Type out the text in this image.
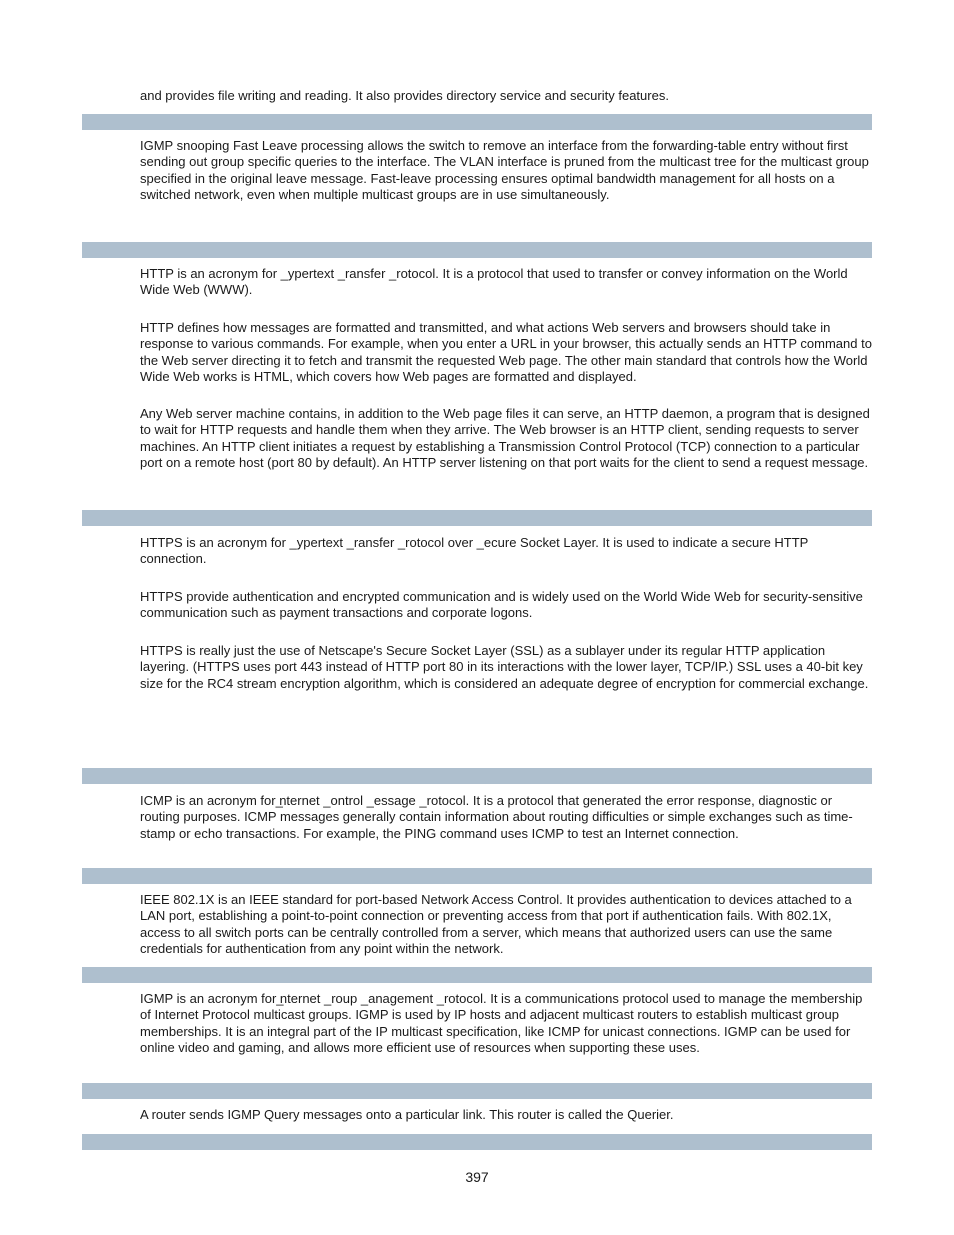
and provides file writing and reading. It also provides directory service and security features.

IGMP snooping Fast Leave processing allows the switch to remove an interface from the forwarding-table entry without first sending out group specific queries to the interface. The VLAN interface is pruned from the multicast tree for the multicast group specified in the original leave message. Fast-leave processing ensures optimal bandwidth management for all hosts on a switched network, even when multiple multicast groups are in use simultaneously.

HTTP is an acronym for _ypertext _ransfer _rotocol. It is a protocol that used to transfer or convey information on the World Wide Web (WWW).

HTTP defines how messages are formatted and transmitted, and what actions Web servers and browsers should take in response to various commands. For example, when you enter a URL in your browser, this actually sends an HTTP command to the Web server directing it to fetch and transmit the requested Web page. The other main standard that controls how the World Wide Web works is HTML, which covers how Web pages are formatted and displayed.

Any Web server machine contains, in addition to the Web page files it can serve, an HTTP daemon, a program that is designed to wait for HTTP requests and handle them when they arrive. The Web browser is an HTTP client, sending requests to server machines. An HTTP client initiates a request by establishing a Transmission Control Protocol (TCP) connection to a particular port on a remote host (port 80 by default). An HTTP server listening on that port waits for the client to send a request message.

HTTPS is an acronym for _ypertext _ransfer _rotocol over _ecure Socket Layer. It is used to indicate a secure HTTP connection.

HTTPS provide authentication and encrypted communication and is widely used on the World Wide Web for security-sensitive communication such as payment transactions and corporate logons.

HTTPS is really just the use of Netscape's Secure Socket Layer (SSL) as a sublayer under its regular HTTP application layering. (HTTPS uses port 443 instead of HTTP port 80 in its interactions with the lower layer, TCP/IP.) SSL uses a 40-bit key size for the RC4 stream encryption algorithm, which is considered an adequate degree of encryption for commercial exchange.

ICMP is an acronym for ̲nternet _ontrol _essage _rotocol. It is a protocol that generated the error response, diagnostic or routing purposes. ICMP messages generally contain information about routing difficulties or simple exchanges such as time-stamp or echo transactions. For example, the PING command uses ICMP to test an Internet connection.

IEEE 802.1X is an IEEE standard for port-based Network Access Control. It provides authentication to devices attached to a LAN port, establishing a point-to-point connection or preventing access from that port if authentication fails. With 802.1X, access to all switch ports can be centrally controlled from a server, which means that authorized users can use the same credentials for authentication from any point within the network.

IGMP is an acronym for ̲nternet _roup _anagement _rotocol. It is a communications protocol used to manage the membership of Internet Protocol multicast groups. IGMP is used by IP hosts and adjacent multicast routers to establish multicast group memberships. It is an integral part of the IP multicast specification, like ICMP for unicast connections. IGMP can be used for online video and gaming, and allows more efficient use of resources when supporting these uses.

A router sends IGMP Query messages onto a particular link. This router is called the Querier.

397
